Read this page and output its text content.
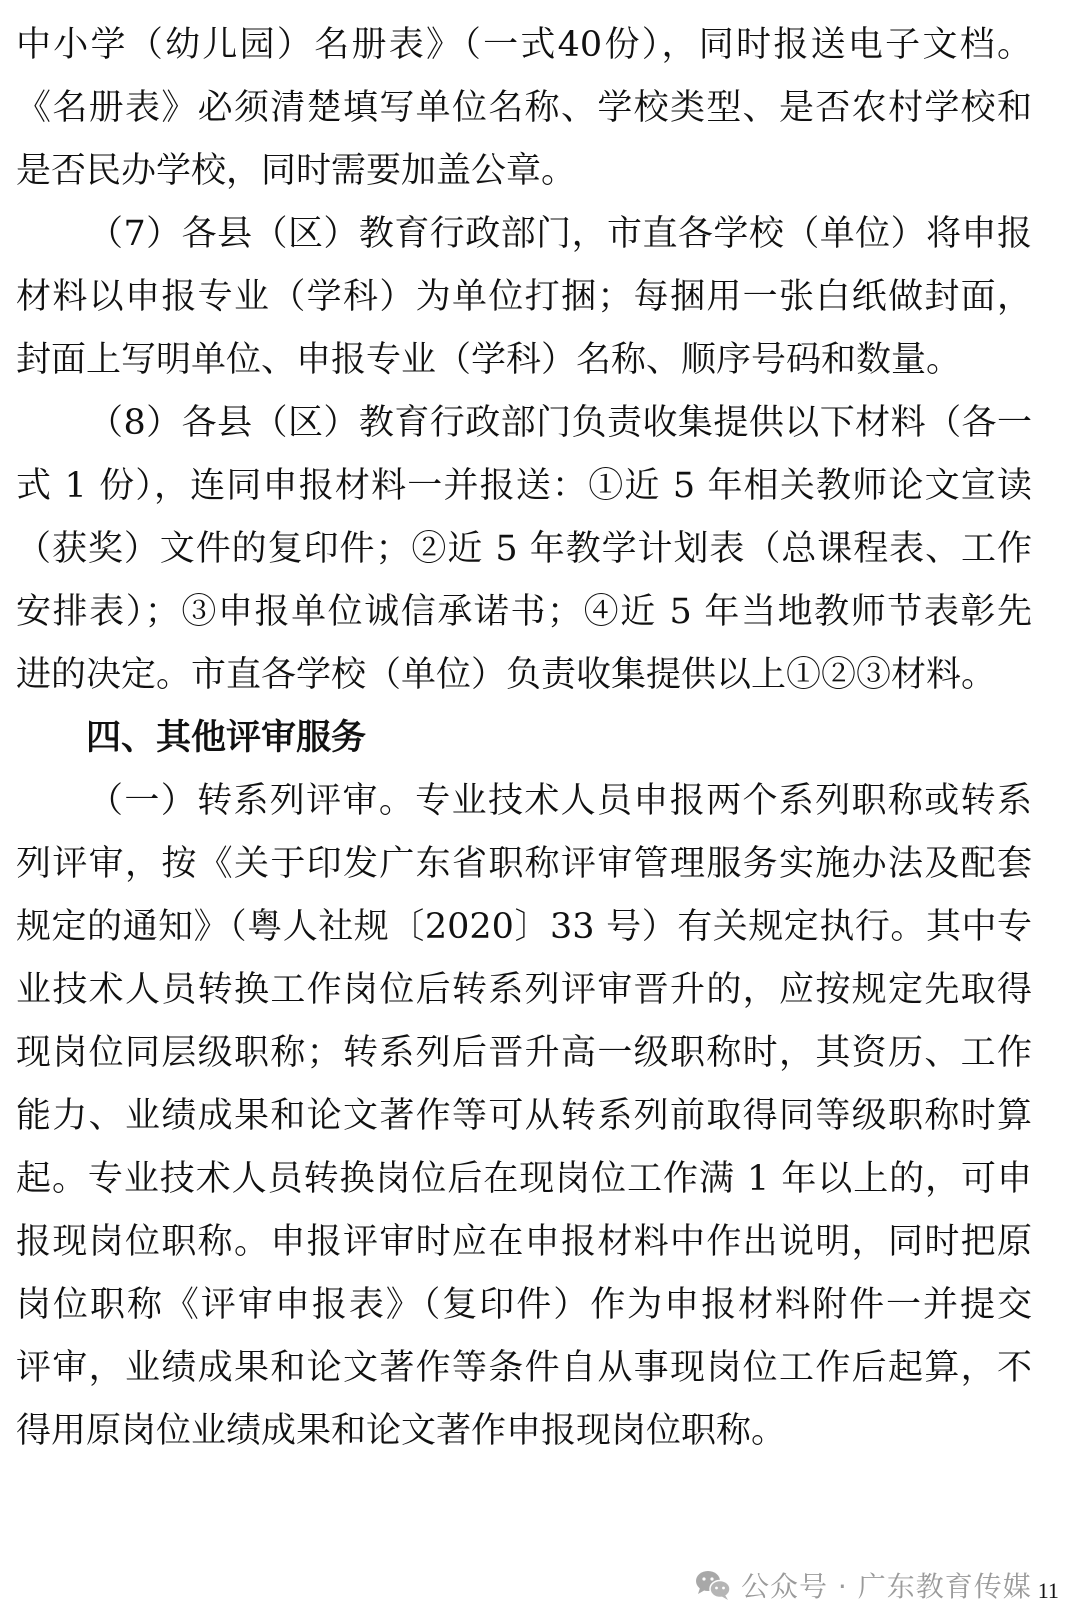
中小学（幼儿园）名册表》（一式40份），同时报送电子文档。
《名册表》必须清楚填写单位名称、学校类型、是否农村学校和
是否民办学校，同时需要加盖公章。
（7）各县（区）教育行政部门，市直各学校（单位）将申报
材料以申报专业（学科）为单位打捆；每捆用一张白纸做封面，
封面上写明单位、申报专业（学科）名称、顺序号码和数量。
（8）各县（区）教育行政部门负责收集提供以下材料（各一
式 1 份），连同申报材料一并报送：①近 5 年相关教师论文宣读
（获奖）文件的复印件；②近 5 年教学计划表（总课程表、工作
安排表）；③申报单位诚信承诺书；④近 5 年当地教师节表彰先
进的决定。市直各学校（单位）负责收集提供以上①②③材料。
四、其他评审服务
（一）转系列评审。专业技术人员申报两个系列职称或转系
列评审，按《关于印发广东省职称评审管理服务实施办法及配套
规定的通知》（粤人社规〔2020〕33 号）有关规定执行。其中专
业技术人员转换工作岗位后转系列评审晋升的，应按规定先取得
现岗位同层级职称；转系列后晋升高一级职称时，其资历、工作
能力、业绩成果和论文著作等可从转系列前取得同等级职称时算
起。专业技术人员转换岗位后在现岗位工作满 1 年以上的，可申
报现岗位职称。申报评审时应在申报材料中作出说明，同时把原
岗位职称《评审申报表》（复印件）作为申报材料附件一并提交
评审，业绩成果和论文著作等条件自从事现岗位工作后起算，不
得用原岗位业绩成果和论文著作申报现岗位职称。
公众号 · 广东教育传媒 11
